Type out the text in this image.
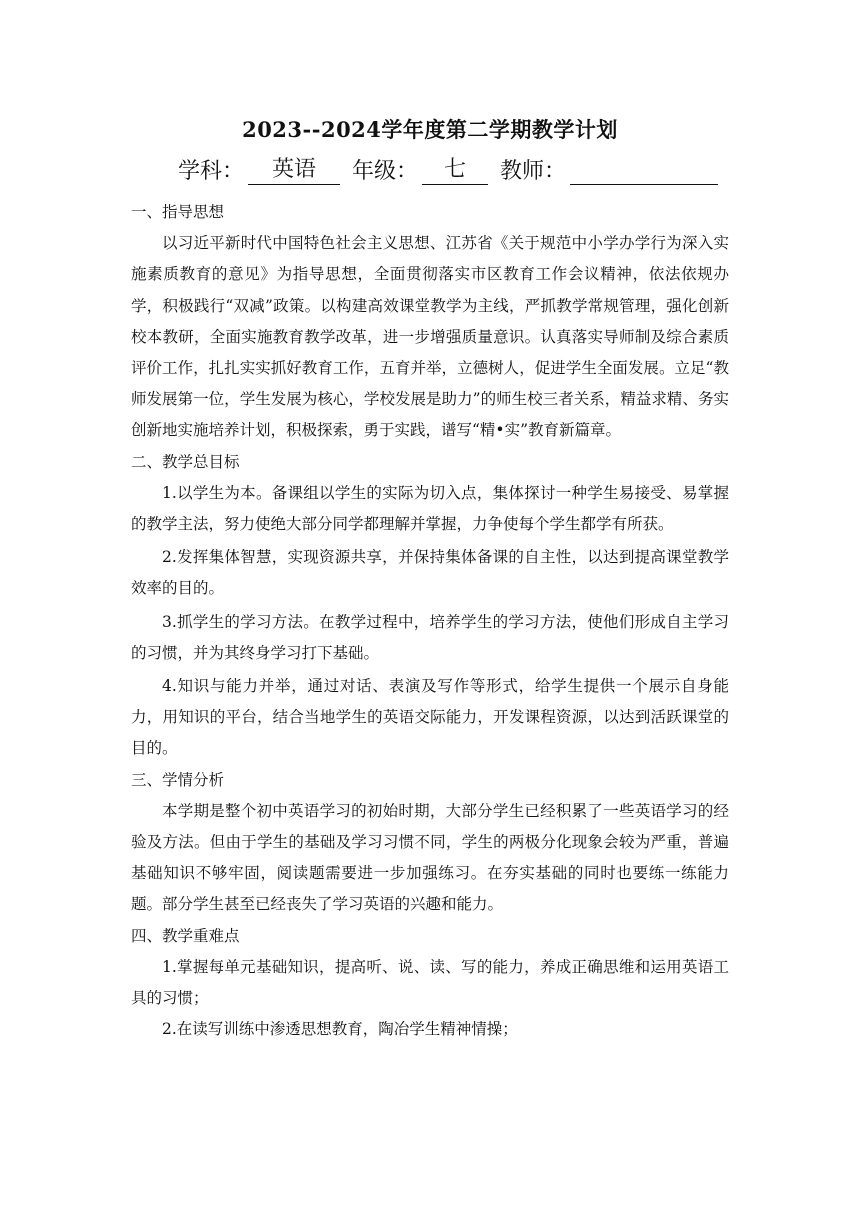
2023--2024学年度第二学期教学计划
学科：	英语	年级：	七	教师：

一、指导思想

以习近平新时代中国特色社会主义思想、江苏省《关于规范中小学办学行为深入实施素质教育的意见》为指导思想，全面贯彻落实市区教育工作会议精神，依法依规办学，积极践行“双减”政策。以构建高效课堂教学为主线，严抓教学常规管理，强化创新校本教研，全面实施教育教学改革，进一步增强质量意识。认真落实导师制及综合素质评价工作，扎扎实实抓好教育工作，五育并举，立德树人，促进学生全面发展。立足“教师发展第一位，学生发展为核心，学校发展是助力”的师生校三者关系，精益求精、务实创新地实施培养计划，积极探索，勇于实践，谱写“精•实”教育新篇章。

二、教学总目标

1.以学生为本。备课组以学生的实际为切入点，集体探讨一种学生易接受、易掌握的教学主法，努力使绝大部分同学都理解并掌握，力争使每个学生都学有所获。

2.发挥集体智慧，实现资源共享，并保持集体备课的自主性，以达到提高课堂教学效率的目的。

3.抓学生的学习方法。在教学过程中，培养学生的学习方法，使他们形成自主学习的习惯，并为其终身学习打下基础。

4.知识与能力并举，通过对话、表演及写作等形式，给学生提供一个展示自身能力，用知识的平台，结合当地学生的英语交际能力，开发课程资源，以达到活跃课堂的目的。

三、学情分析

本学期是整个初中英语学习的初始时期，大部分学生已经积累了一些英语学习的经验及方法。但由于学生的基础及学习习惯不同，学生的两极分化现象会较为严重，普遍基础知识不够牢固，阅读题需要进一步加强练习。在夯实基础的同时也要练一练能力题。部分学生甚至已经丧失了学习英语的兴趣和能力。

四、教学重难点

1.掌握每单元基础知识，提高听、说、读、写的能力，养成正确思维和运用英语工具的习惯；

2.在读写训练中渗透思想教育，陶冶学生精神情操；
